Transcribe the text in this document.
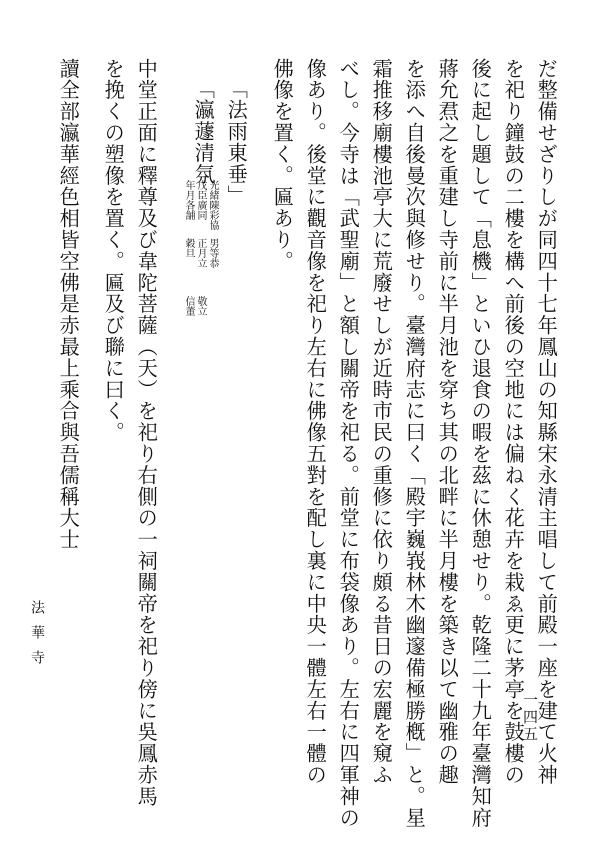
だ整備せざりしが同四十七年鳳山の知縣宋永清主唱して前殿一座を建て火神
を祀り鐘鼓の二樓を構へ前後の空地には偏ねく花卉を栽ゑ更に茅亭を鼓樓の
後に起し題して「息機」といひ退食の暇を茲に休憩せり。乾隆二十九年臺灣知府
蔣允焄之を重建し寺前に半月池を穿ち其の北畔に半月樓を築き以て幽雅の趣
を添へ自後曼次與修せり。臺灣府志に曰く「殿宇巍峩林木幽邃備極勝槪」と。星
霜推移廟樓池亭大に荒廢せしが近時市民の重修に依り頗る昔日の宏麗を窺ふ
べし。今寺は「武聖廟」と額し關帝を祀る。前堂に布袋像あり。左右に四軍神の
像あり。後堂に觀音像を祀り左右に佛像五對を配し裏に中央一體左右一體の
佛像を置く。匾あり。
「法雨東垂」
「瀛蘧清氛
光緒陳彩協
戊臣廣同
年月各舗
男等恭
正月立
穀旦
敬立
信董
中堂正面に釋尊及び韋陀菩薩（天）を祀り右側の一祠關帝を祀り傍に吳鳳赤馬
を挽くの塑像を置く。匾及び聯に曰く。
讀全部瀛華經色相皆空佛是赤最上乘合與吾儒稱大士
法華寺
一四五
